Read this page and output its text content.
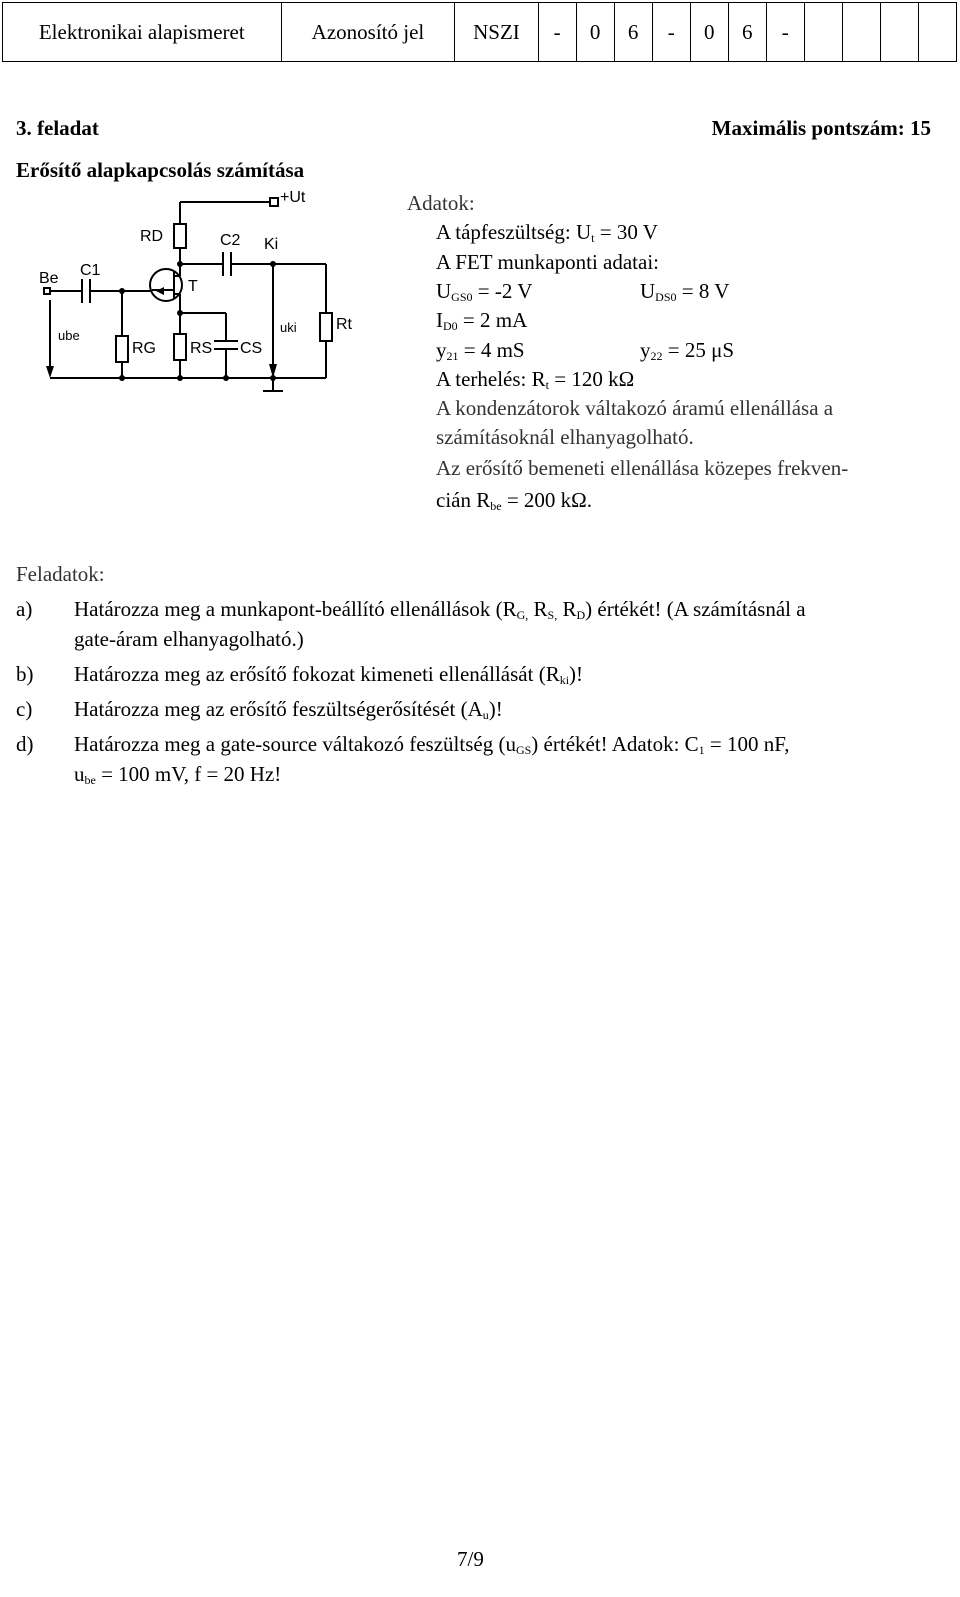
Elektronikai alapismeret	Azonosító jel	NSZI	-	0	6	-	0	6	-				
3. feladat	Maximális pontszám: 15
Erősítő alapkapcsolás számítása
+Ut
RD	C2 Ki
Be C1
T
ube
RG RS CS
uki Rt
Adatok:
A tápfeszültség: $U_t = 30$ V
A FET munkaponti adatai:
$U_{GS0} = -2$ V	$U_{DS0} = 8$ V
$I_{D0} = 2$ mA
$y_{21} = 4$ mS	$y_{22} = 25$ μS
A terhelés: $R_t = 120$ kΩ
A kondenzátorok váltakozó áramú ellenállása a
számításoknál elhanyagolható.
Az erősítő bemeneti ellenállása közepes frekven-
cián $R_{be} = 200$ kΩ.
Feladatok:
a) Határozza meg a munkapont-beállító ellenállások ($R_{G,}$ $R_{S,}$ $R_D$) értékét! (A számításnál a
gate-áram elhanyagolható.)
b) Határozza meg az erősítő fokozat kimeneti ellenállását $(R_{ki})$!
c) Határozza meg az erősítő feszültségerősítését $(A_u)$!
d) Határozza meg a gate-source váltakozó feszültség $(u_{GS})$ értékét! Adatok: $C_1 = 100$ nF,
$u_{be} = 100$ mV, f = 20 Hz!
7/9
